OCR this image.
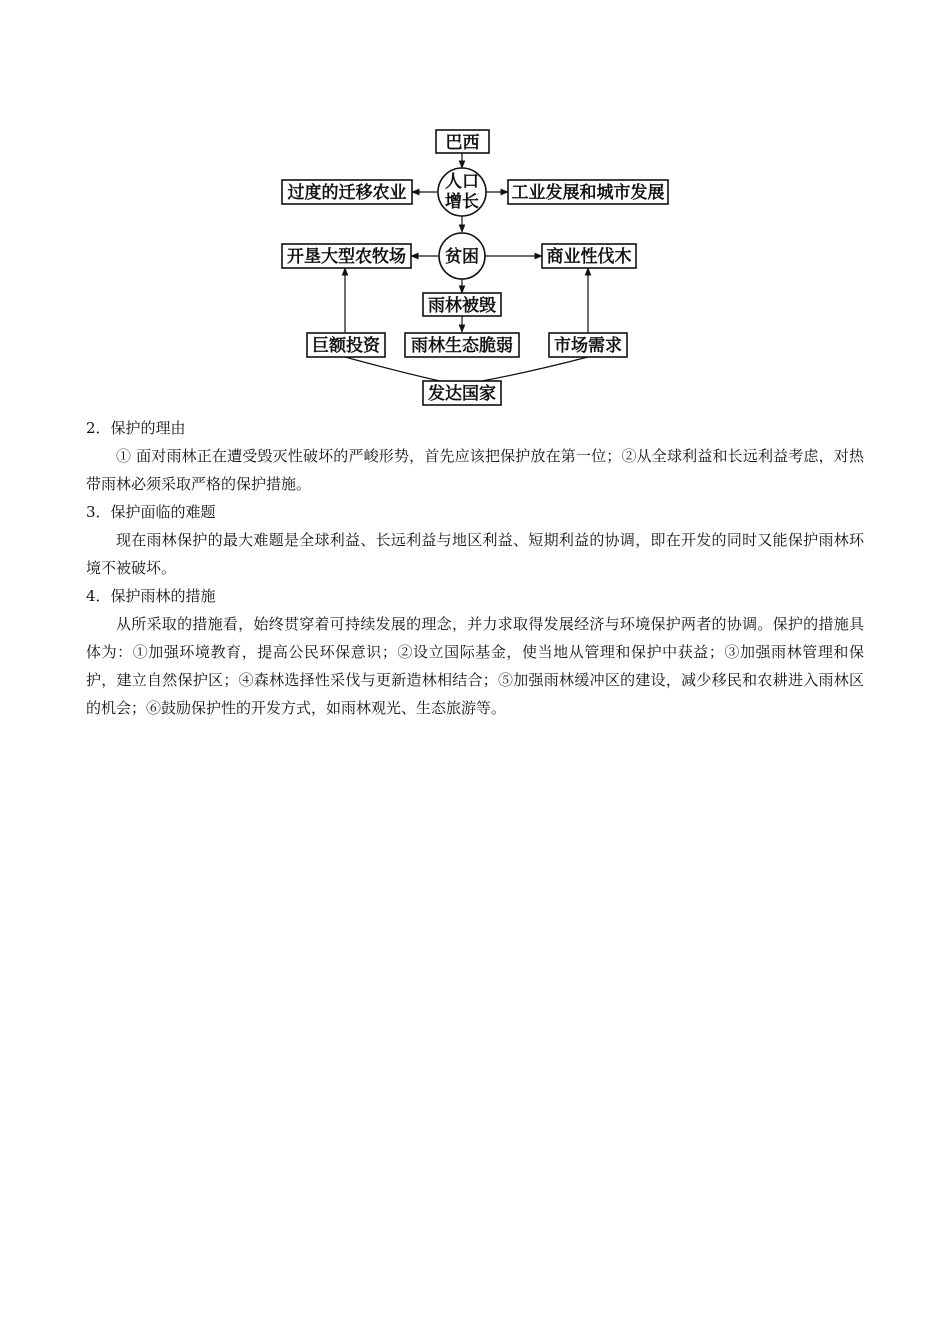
巴西
人口
增长
过度的迁移农业	工业发展和城市发展
贫困
开垦大型农牧场	商业性伐木
雨林被毁
巨额投资 雨林生态脆弱 市场需求
发达国家

2．保护的理由

① 面对雨林正在遭受毁灭性破坏的严峻形势，首先应该把保护放在第一位；②从全球利益和长远利益考虑，对热带雨林必须采取严格的保护措施。

3．保护面临的难题

现在雨林保护的最大难题是全球利益、长远利益与地区利益、短期利益的协调，即在开发的同时又能保护雨林环境不被破坏。

4．保护雨林的措施

从所采取的措施看，始终贯穿着可持续发展的理念，并力求取得发展经济与环境保护两者的协调。保护的措施具体为：①加强环境教育，提高公民环保意识；②设立国际基金，使当地从管理和保护中获益；③加强雨林管理和保护，建立自然保护区；④森林选择性采伐与更新造林相结合；⑤加强雨林缓冲区的建设，减少移民和农耕进入雨林区的机会；⑥鼓励保护性的开发方式，如雨林观光、生态旅游等。
